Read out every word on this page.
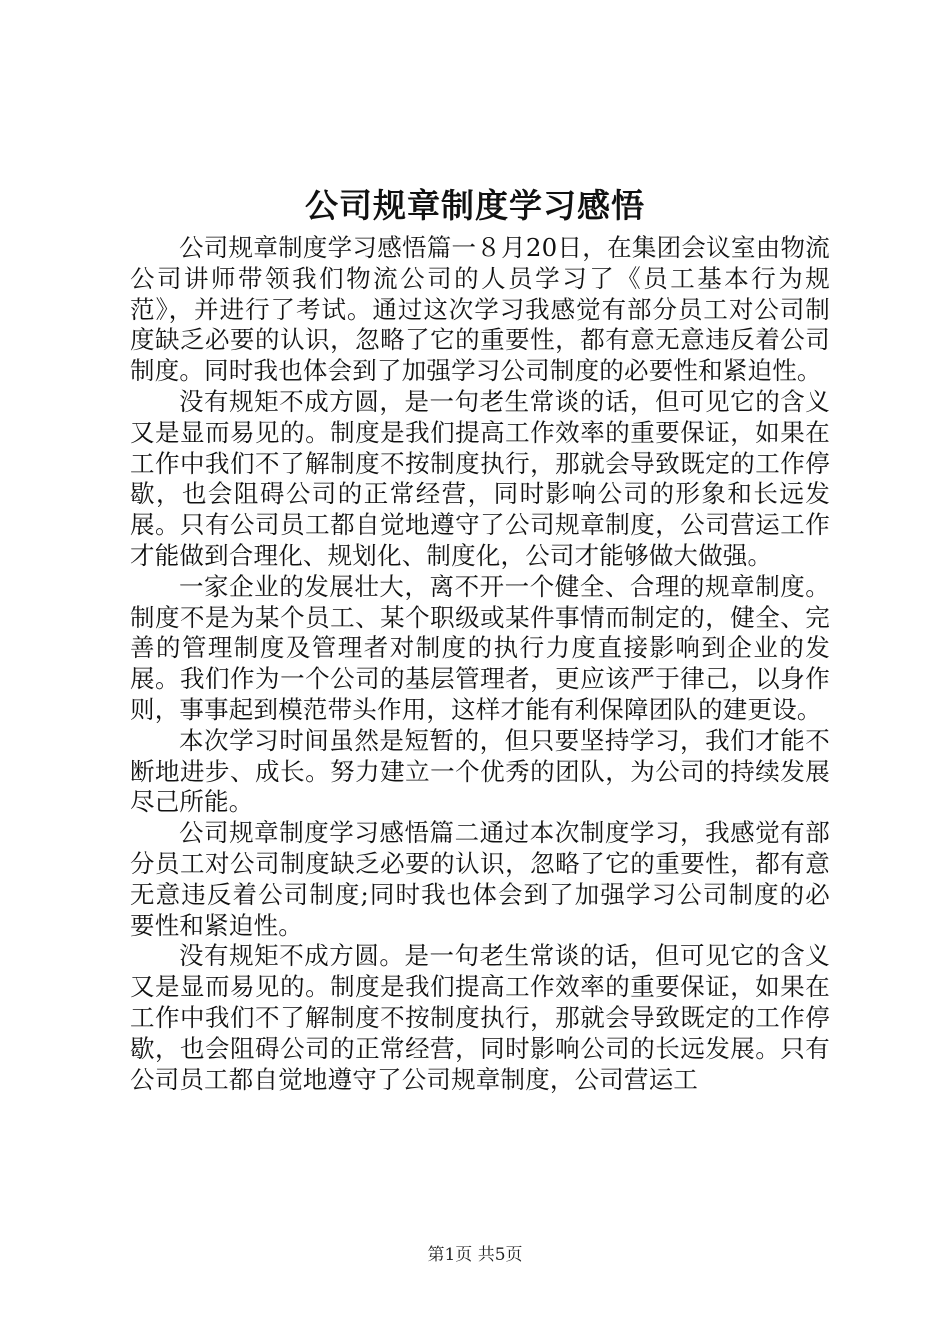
公司规章制度学习感悟

公司规章制度学习感悟篇一８月20日，在集团会议室由物流公司讲师带领我们物流公司的人员学习了《员工基本行为规范》，并进行了考试。通过这次学习我感觉有部分员工对公司制度缺乏必要的认识，忽略了它的重要性，都有意无意违反着公司制度。同时我也体会到了加强学习公司制度的必要性和紧迫性。

没有规矩不成方圆，是一句老生常谈的话，但可见它的含义又是显而易见的。制度是我们提高工作效率的重要保证，如果在工作中我们不了解制度不按制度执行，那就会导致既定的工作停歇，也会阻碍公司的正常经营，同时影响公司的形象和长远发展。只有公司员工都自觉地遵守了公司规章制度，公司营运工作才能做到合理化、规划化、制度化，公司才能够做大做强。

一家企业的发展壮大，离不开一个健全、合理的规章制度。制度不是为某个员工、某个职级或某件事情而制定的，健全、完善的管理制度及管理者对制度的执行力度直接影响到企业的发展。我们作为一个公司的基层管理者，更应该严于律己，以身作则，事事起到模范带头作用，这样才能有利保障团队的建更设。

本次学习时间虽然是短暂的，但只要坚持学习，我们才能不断地进步、成长。努力建立一个优秀的团队，为公司的持续发展尽己所能。

公司规章制度学习感悟篇二通过本次制度学习，我感觉有部分员工对公司制度缺乏必要的认识，忽略了它的重要性，都有意无意违反着公司制度;同时我也体会到了加强学习公司制度的必要性和紧迫性。

没有规矩不成方圆。是一句老生常谈的话，但可见它的含义又是显而易见的。制度是我们提高工作效率的重要保证，如果在工作中我们不了解制度不按制度执行，那就会导致既定的工作停歇，也会阻碍公司的正常经营，同时影响公司的长远发展。只有公司员工都自觉地遵守了公司规章制度，公司营运工

第1页 共5页
